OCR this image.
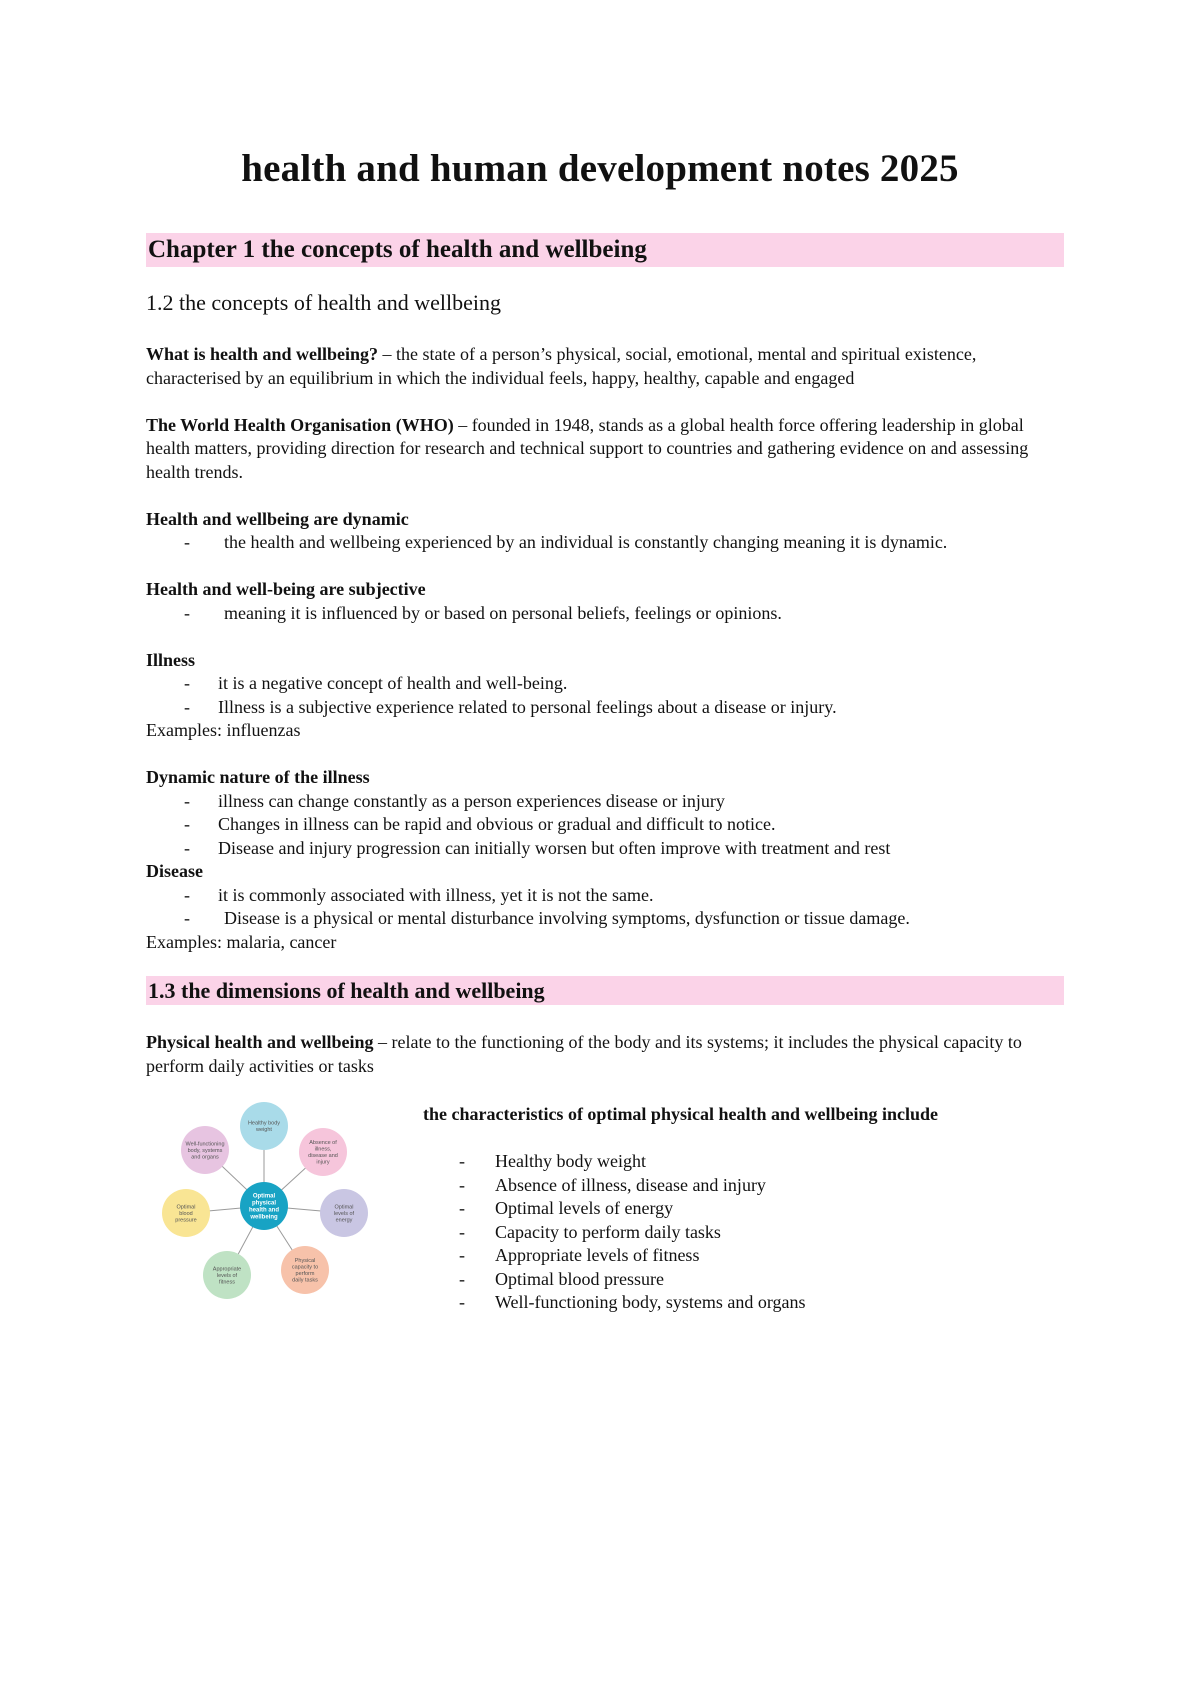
health and human development notes 2025
Chapter 1 the concepts of health and wellbeing
1.2 the concepts of health and wellbeing

What is health and wellbeing? – the state of a person’s physical, social, emotional, mental and spiritual existence, characterised by an equilibrium in which the individual feels, happy, healthy, capable and engaged

The World Health Organisation (WHO) – founded in 1948, stands as a global health force offering leadership in global health matters, providing direction for research and technical support to countries and gathering evidence on and assessing health trends.

Health and wellbeing are dynamic

- the health and wellbeing experienced by an individual is constantly changing meaning it is dynamic.

Health and well-being are subjective

- meaning it is influenced by or based on personal beliefs, feelings or opinions.

Illness

- it is a negative concept of health and well-being.
- Illness is a subjective experience related to personal feelings about a disease or injury.

Examples: influenzas

Dynamic nature of the illness

- illness can change constantly as a person experiences disease or injury
- Changes in illness can be rapid and obvious or gradual and difficult to notice.
- Disease and injury progression can initially worsen but often improve with treatment and rest

Disease

- it is commonly associated with illness, yet it is not the same.
- Disease is a physical or mental disturbance involving symptoms, dysfunction or tissue damage.

Examples: malaria, cancer

1.3 the dimensions of health and wellbeing

Physical health and wellbeing – relate to the functioning of the body and its systems; it includes the physical capacity to perform daily activities or tasks

Healthy body
weight
Absence of
illness,
disease and
injury
Optimal
levels of
energy
Physical
capacity to
perform
daily tasks
Appropriate
levels of
fitness
Optimal
blood
pressure
Well-functioning
body, systems
and organs
Optimal
physical
health and
wellbeing
the characteristics of optimal physical health and wellbeing include
- Healthy body weight
- Absence of illness, disease and injury
- Optimal levels of energy
- Capacity to perform daily tasks
- Appropriate levels of fitness
- Optimal blood pressure
- Well-functioning body, systems and organs
